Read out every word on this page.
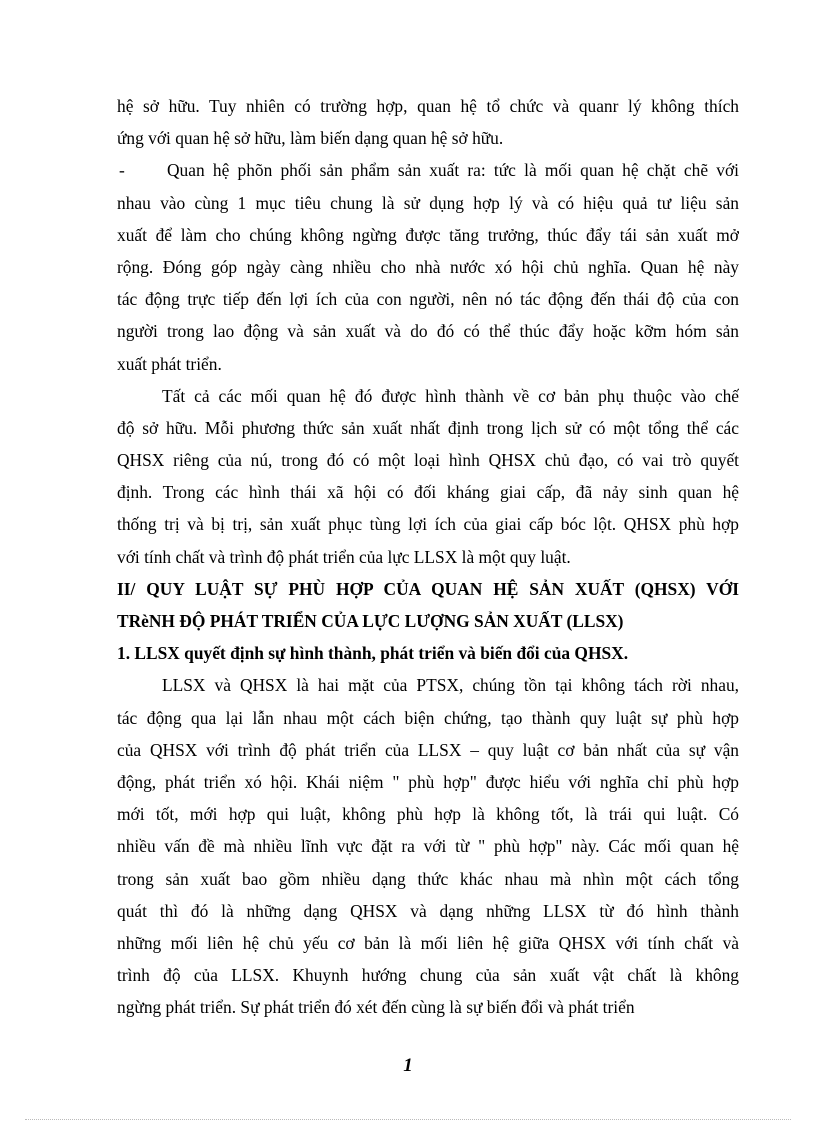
hệ sở hữu. Tuy nhiên có trường hợp, quan hệ tổ chức và quanr lý không thích
ứng với quan hệ sở hữu, làm biến dạng quan hệ sở hữu.
-	Quan hệ phõn phối sản phẩm sản xuất ra: tức là mối quan hệ chặt chẽ với
nhau vào cùng 1 mục tiêu chung là sử dụng hợp lý và có hiệu quả tư liệu sản
xuất để làm cho chúng không ngừng được tăng trưởng, thúc đẩy tái sản xuất mở
rộng. Đóng góp ngày càng nhiều cho nhà nước xó hội chủ nghĩa. Quan hệ này
tác động trực tiếp đến lợi ích của con người, nên nó tác động đến thái độ của con
người trong lao động và sản xuất và do đó có thể thúc đẩy hoặc kỡm hóm sản
xuất phát triển.
Tất cả các mối quan hệ đó được hình thành về cơ bản phụ thuộc vào chế
độ sở hữu. Mỗi phương thức sản xuất nhất định trong lịch sử có một tổng thể các
QHSX riêng của nú, trong đó có một loại hình QHSX chủ đạo, có vai trò quyết
định. Trong các hình thái xã hội có đối kháng giai cấp, đã nảy sinh quan hệ
thống trị và bị trị, sản xuất phục tùng lợi ích của giai cấp bóc lột. QHSX phù hợp
với tính chất và trình độ phát triển của lực LLSX là một quy luật.
II/ QUY LUẬT SỰ PHÙ HỢP CỦA QUAN HỆ SẢN XUẤT (QHSX) VỚI
TRèNH ĐỘ PHÁT TRIỂN CỦA LỰC LƯỢNG SẢN XUẤT (LLSX)
1. LLSX quyết định sự hình thành, phát triển và biến đổi của QHSX.
LLSX và QHSX là hai mặt của PTSX, chúng tồn tại không tách rời nhau,
tác động qua lại lẫn nhau một cách biện chứng, tạo thành quy luật sự phù hợp
của QHSX với trình độ phát triển của LLSX – quy luật cơ bản nhất của sự vận
động, phát triển xó hội. Khái niệm " phù hợp" được hiểu với nghĩa chỉ phù hợp
mới tốt, mới hợp qui luật, không phù hợp là không tốt, là trái qui luật. Có
nhiều vấn đề mà nhiều lĩnh vực đặt ra với từ " phù hợp" này. Các mối quan hệ
trong sản xuất bao gồm nhiều dạng thức khác nhau mà nhìn một cách tổng
quát thì đó là những dạng QHSX và dạng những LLSX từ đó hình thành
những mối liên hệ chủ yếu cơ bản là mối liên hệ giữa QHSX với tính chất và
trình độ của LLSX. Khuynh hướng chung của sản xuất vật chất là không
ngừng phát triển. Sự phát triển đó xét đến cùng là sự biến đổi và phát triển
1
